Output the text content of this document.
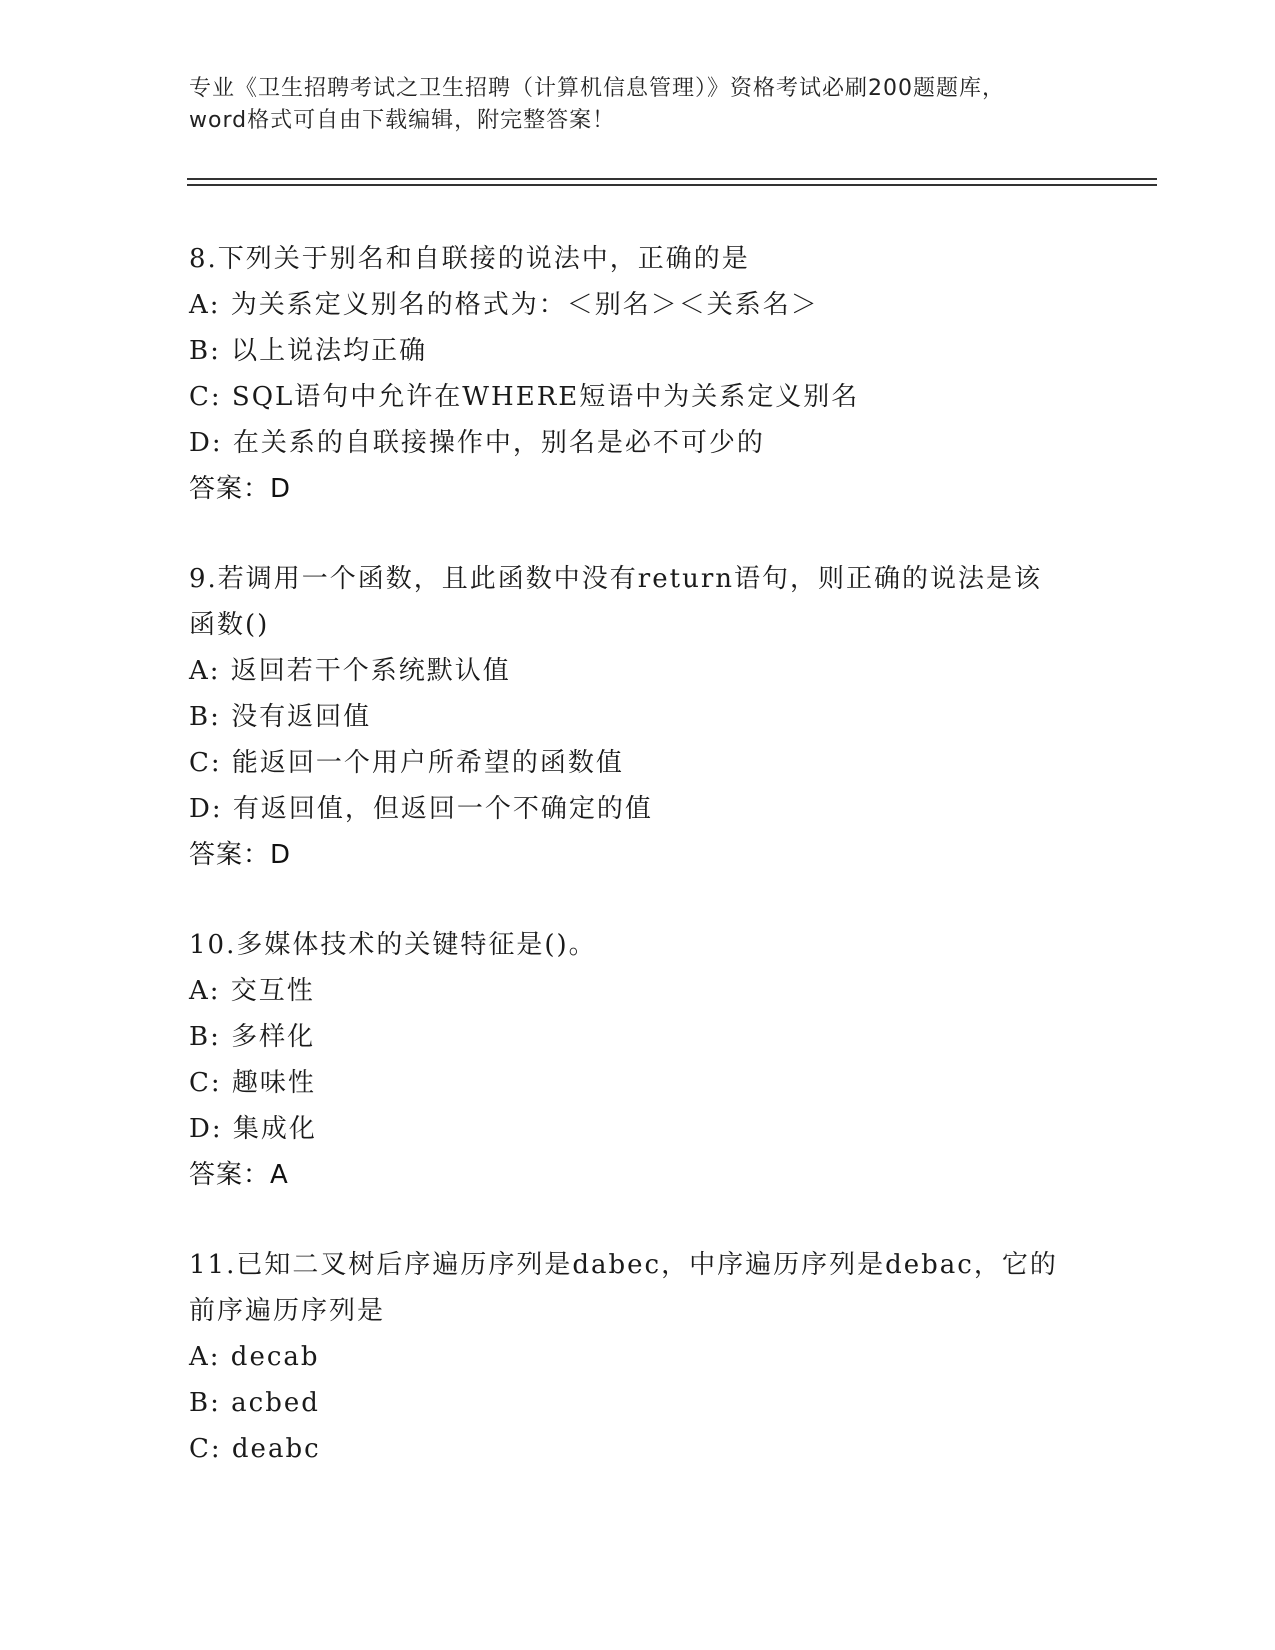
专业《卫生招聘考试之卫生招聘（计算机信息管理）》资格考试必刷200题题库，
word格式可自由下载编辑，附完整答案！
8.下列关于别名和自联接的说法中，正确的是
A: 为关系定义别名的格式为：＜别名＞＜关系名＞
B: 以上说法均正确
C: SQL语句中允许在WHERE短语中为关系定义别名
D: 在关系的自联接操作中，别名是必不可少的
答案：D
9.若调用一个函数，且此函数中没有return语句，则正确的说法是该
函数()
A: 返回若干个系统默认值
B: 没有返回值
C: 能返回一个用户所希望的函数值
D: 有返回值，但返回一个不确定的值
答案：D
10.多媒体技术的关键特征是()。
A: 交互性
B: 多样化
C: 趣味性
D: 集成化
答案：A
11.已知二叉树后序遍历序列是dabec，中序遍历序列是debac，它的
前序遍历序列是
A: decab
B: acbed
C: deabc
